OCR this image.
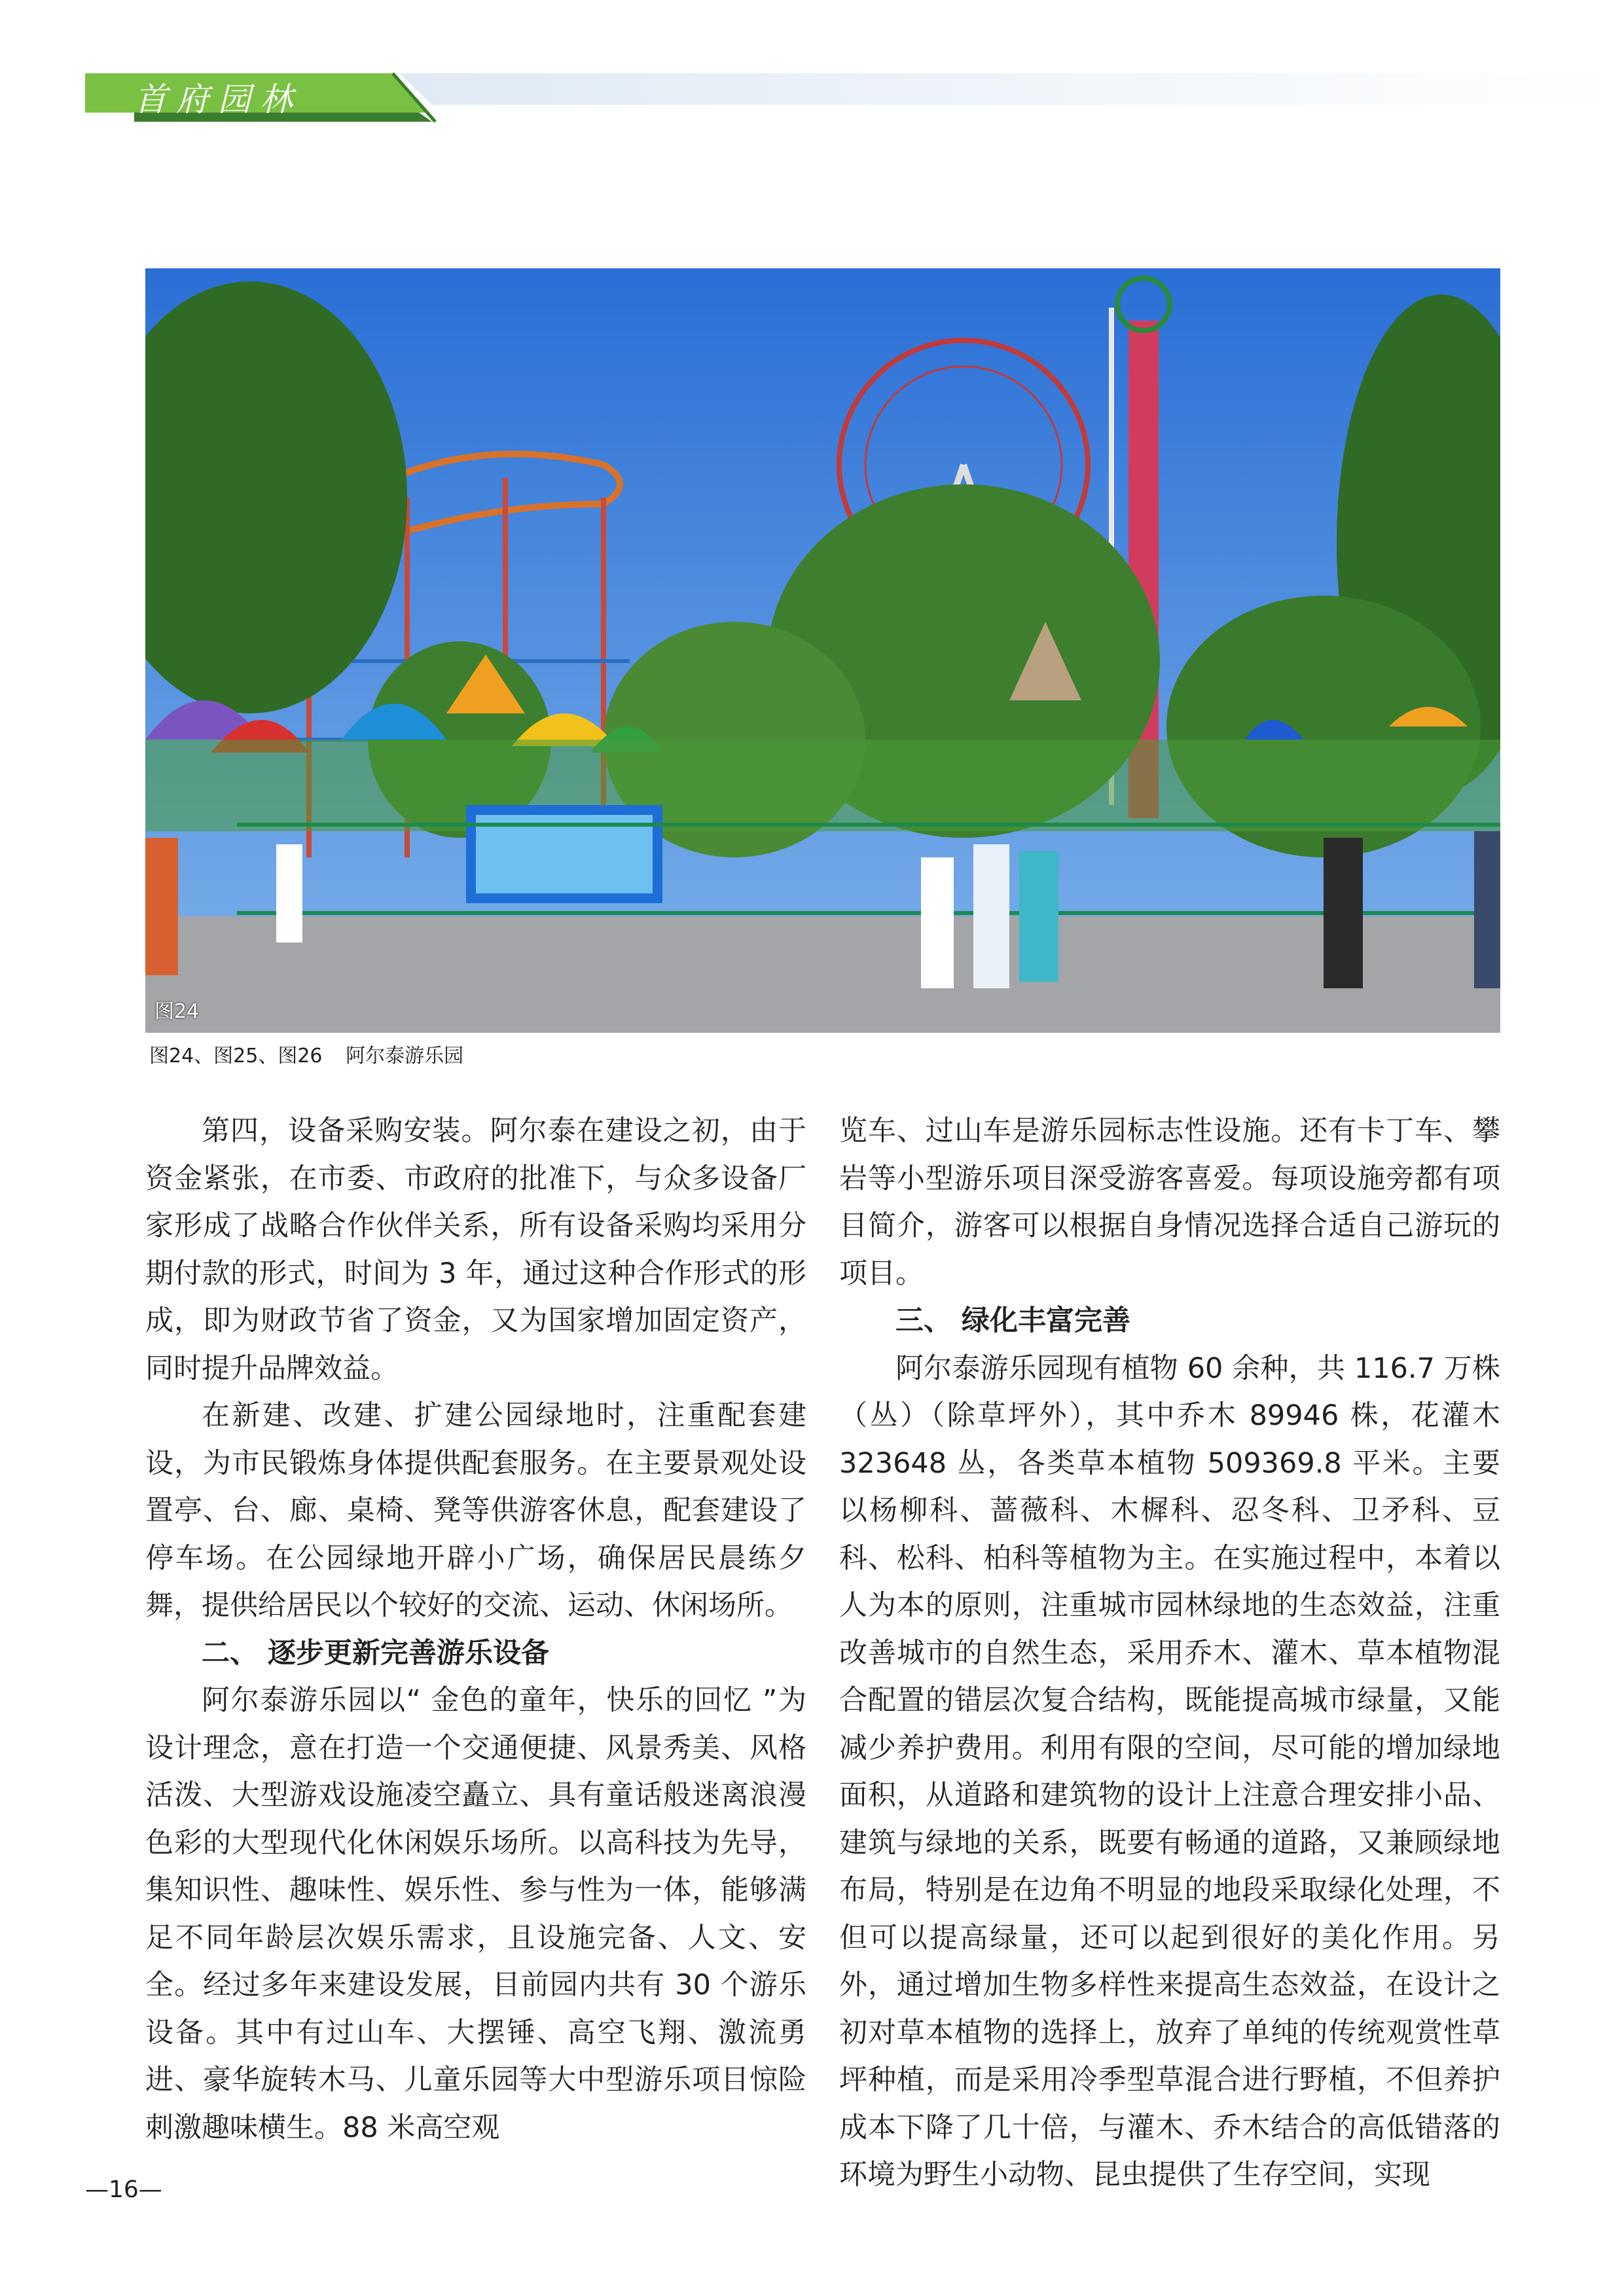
首府园林
图24
图24、图25、图26 阿尔泰游乐园

第四，设备采购安装。阿尔泰在建设之初，由于资金紧张，在市委、市政府的批准下，与众多设备厂家形成了战略合作伙伴关系，所有设备采购均采用分期付款的形式，时间为 3 年，通过这种合作形式的形成，即为财政节省了资金，又为国家增加固定资产，同时提升品牌效益。

在新建、改建、扩建公园绿地时，注重配套建设，为市民锻炼身体提供配套服务。在主要景观处设置亭、台、廊、桌椅、凳等供游客休息，配套建设了停车场。在公园绿地开辟小广场，确保居民晨练夕舞，提供给居民以个较好的交流、运动、休闲场所。

二、 逐步更新完善游乐设备

阿尔泰游乐园以“ 金色的童年，快乐的回忆 ”为设计理念，意在打造一个交通便捷、风景秀美、风格活泼、大型游戏设施凌空矗立、具有童话般迷离浪漫色彩的大型现代化休闲娱乐场所。以高科技为先导，集知识性、趣味性、娱乐性、参与性为一体，能够满足不同年龄层次娱乐需求，且设施完备、人文、安全。经过多年来建设发展，目前园内共有 30 个游乐设备。其中有过山车、大摆锤、高空飞翔、激流勇进、豪华旋转木马、儿童乐园等大中型游乐项目惊险刺激趣味横生。88 米高空观

览车、过山车是游乐园标志性设施。还有卡丁车、攀岩等小型游乐项目深受游客喜爱。每项设施旁都有项目简介，游客可以根据自身情况选择合适自己游玩的项目。

三、 绿化丰富完善

阿尔泰游乐园现有植物 60 余种，共 116.7 万株（丛）（除草坪外），其中乔木 89946 株，花灌木 323648 丛，各类草本植物 509369.8 平米。主要以杨柳科、蔷薇科、木樨科、忍冬科、卫矛科、豆科、松科、柏科等植物为主。在实施过程中，本着以人为本的原则，注重城市园林绿地的生态效益，注重改善城市的自然生态，采用乔木、灌木、草本植物混合配置的错层次复合结构，既能提高城市绿量，又能减少养护费用。利用有限的空间，尽可能的增加绿地面积，从道路和建筑物的设计上注意合理安排小品、建筑与绿地的关系，既要有畅通的道路，又兼顾绿地布局，特别是在边角不明显的地段采取绿化处理，不但可以提高绿量，还可以起到很好的美化作用。另外，通过增加生物多样性来提高生态效益，在设计之初对草本植物的选择上，放弃了单纯的传统观赏性草坪种植，而是采用冷季型草混合进行野植，不但养护成本下降了几十倍，与灌木、乔木结合的高低错落的环境为野生小动物、昆虫提供了生存空间，实现

—16—
